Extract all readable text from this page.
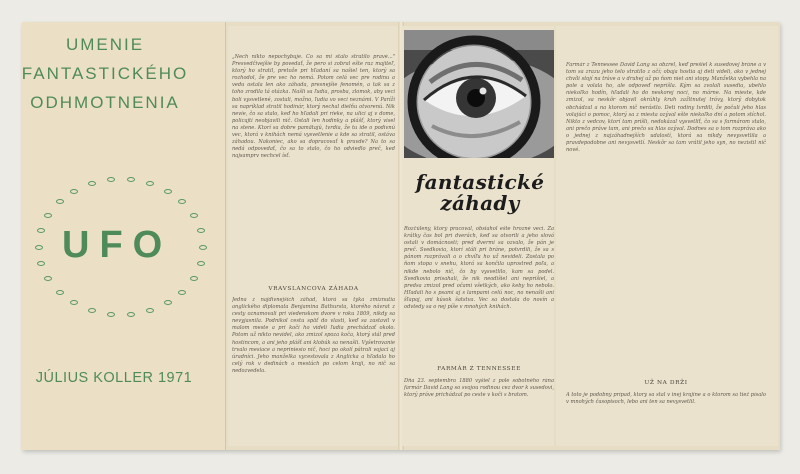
UMENIE
FANTASTICKÉHO
ODHMOTNENIA
UFO
JÚLIUS KOLLER 1971
„Nech nikto nepochybuje. Čo sa mi stalo stratilo pravé..." Presvedčivejšie by povedať, že pero si zobral ešte raz majiteľ, ktorý ho stratil, pretože pri hľadaní sa našiel ten, ktorý sa rozhodol, že pre vec ho nemá. Potom celá vec pre rodinu a vedu ostala len ako záhada, presnejšie fenomén, a tak sa z toho zrodila tá otázka. Našli sa ľudia, prosba, zlomok, aby veci boli vysvetlené, zostali, možno, ľudia vo veci neznámi. V Paríži sa napríklad stratil hodinár, ktorý nechal dielňu otvorenú. Nik nevie, čo sa stalo, keď ho hľadali pri rieke, na ulici aj v dome, policajti neobjavili nič. Ostali len hodinky a plášť, ktorý visel na stene. Ktorí sa dobre pamätajú, tvrdia, že tu ide o podivnú vec, ktorá v knihách nemá vysvetlenie a kde sa stratil, ostáva záhadou. Nakoniec, ako sa dopracovať k pravde? Na to sa nedá odpovedať, čo sa to stalo, čo ho odviedlo preč, keď najsamprv nechcel ísť.
VRAVSLANCOVA ZÁHADA
Jedna z najdivnejších záhad, ktorá sa týka zmiznutia anglického diplomata Benjamina Bathursta, ktorého návrat z cesty oznamovali pri viedenskom dvore v roku 1809, nikdy sa nevyjasnila. Podnikol cestu späť do vlasti, keď sa zastavil v malom meste a pri koči ho videli ľudia prechádzať okolo. Potom už nikto nevidel, ako zmizol spoza koča, ktorý stál pred hostincom, a ani jeho plášť ani klobúk sa nenašli. Vyšetrovanie trvalo mesiace a nepriniesio nič, hoci po okolí pátrali vojaci aj úradníci. Jeho manželka vycestovala z Anglicka a hľadala ho celý rok v dedinách a mestách po celom kraji, no nič sa nedozvedela.
fantastické
záhady
Rozčúlený, ktorý pracoval, obsiahol ešte hrozné veci. Za krátky čas bol pri dverách, keď sa otvorili a jeho slová ostali v domácnosti; pred dvermi sa ozvalo, že pán je preč. Svedkovia, ktorí stáli pri bráne, potvrdili, že sa s pánom rozprávali a o chvíľu ho už nevideli. Zostala po ňom stopa v snehu, ktorá sa končila uprostred poľa, a nikde nebolo nič, čo by vysvetlilo, kam sa podel. Svedkovia prisahali, že nik neodišiel ani neprišiel, a predsa zmizol pred očami všetkých, ako keby ho nebolo. Hľadali ho s psami aj s lampami celú noc, no nenašli ani šľapaj, ani kúsok šatstva. Vec sa dostala do novín a odvtedy sa o nej píše v mnohých knihách.
FARMÁR Z TENNESSEE
Dňa 23. septembra 1880 vyšiel z pole sobotného rána farmár David Lang so svojou rodinou cez dvor k susedovi, ktorý práve prichádzal po ceste v koči s bratom.
Farmár z Tennessee David Lang sa obzrel, keď prešiel k susedovej bráne a v tom sa zrazu jeho telo stratilo z očí; obaja hostia aj deti videli, ako v jednej chvíli stojí na tráve a v druhej už po ňom niet ani stopy. Manželka vybehla na pole a volala ho, ale odpoveď neprišla. Kým sa zvolali susedia, ubehlo niekoľko hodín, hľadali ho do neskorej noci, no márne. Na mieste, kde zmizol, sa neskôr objavil okrúhly kruh zažltnutej trávy, ktorý dobytok obchádzal a na ktorom nič nerástlo. Deti rodiny tvrdili, že počuli jeho hlas volajúci o pomoc, ktorý sa z miesta ozýval ešte niekoľko dní a potom stíchol. Nikto z vedcov, ktorí tam prišli, nedokázal vysvetliť, čo sa s farmárom stalo, ani prečo práve tam, ani prečo sa hlas ozýval. Dodnes sa o tom rozpráva ako o jednej z najzáhadnejších udalostí, ktorá sa nikdy nevysvetlila a pravdepodobne ani nevysvetlí. Neskôr sa tam vrátil jeho syn, no nezistil nič nové.
UŽ NA DRŽI
A toto je podobný prípad, ktorý sa stal v inej krajine a o ktorom sa tiež písalo v mnohých časopisoch, lebo ani ten sa nevysvetlil.
